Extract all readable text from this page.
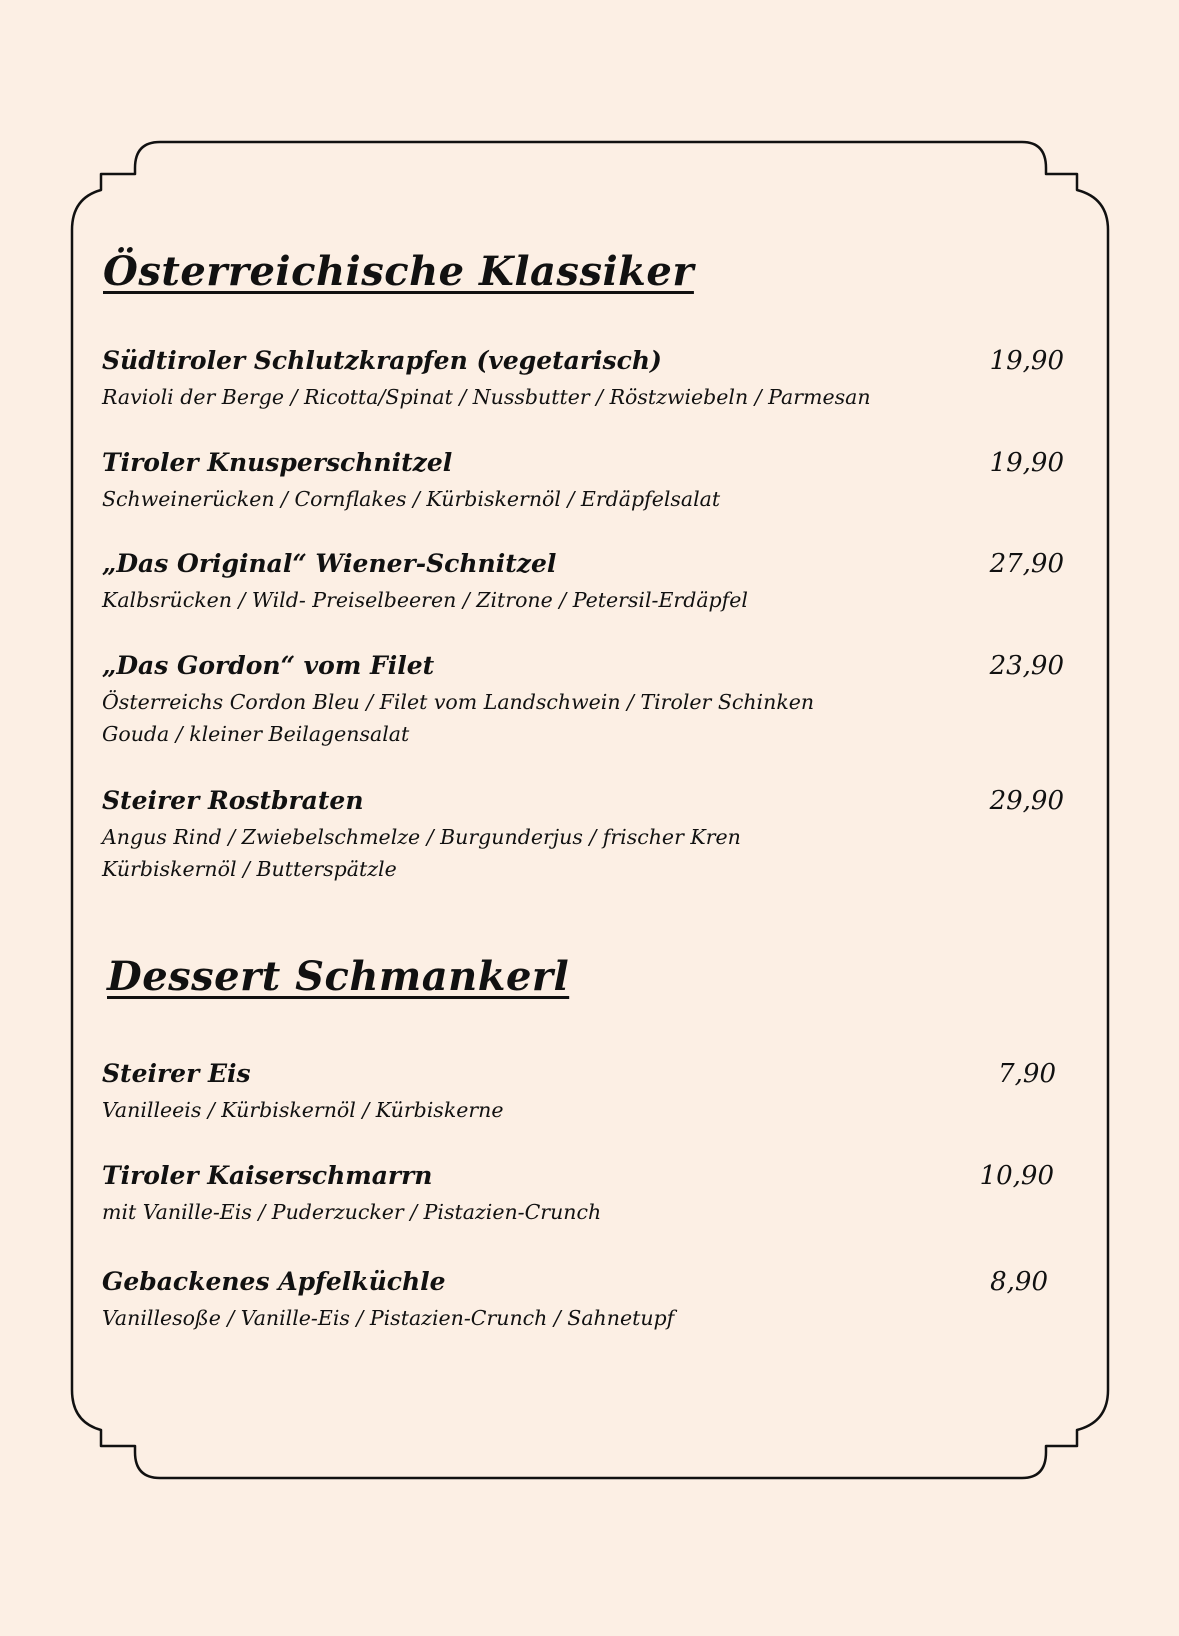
Österreichische Klassiker
Südtiroler Schlutzkrapfen (vegetarisch)	19,90

Ravioli der Berge / Ricotta/Spinat / Nussbutter / Röstzwiebeln / Parmesan

Tiroler Knusperschnitzel	19,90

Schweinerücken / Cornflakes / Kürbiskernöl / Erdäpfelsalat

„Das Original“ Wiener-Schnitzel	27,90

Kalbsrücken / Wild- Preiselbeeren / Zitrone / Petersil-Erdäpfel

„Das Gordon“ vom Filet	23,90

Österreichs Cordon Bleu / Filet vom Landschwein / Tiroler Schinken

Gouda / kleiner Beilagensalat

Steirer Rostbraten	29,90

Angus Rind / Zwiebelschmelze / Burgunderjus / frischer Kren

Kürbiskernöl / Butterspätzle

Dessert Schmankerl
Steirer Eis	7,90

Vanilleeis / Kürbiskernöl / Kürbiskerne

Tiroler Kaiserschmarrn	10,90

mit Vanille-Eis / Puderzucker / Pistazien-Crunch

Gebackenes Apfelküchle	8,90

Vanillesoße / Vanille-Eis / Pistazien-Crunch / Sahnetupf
